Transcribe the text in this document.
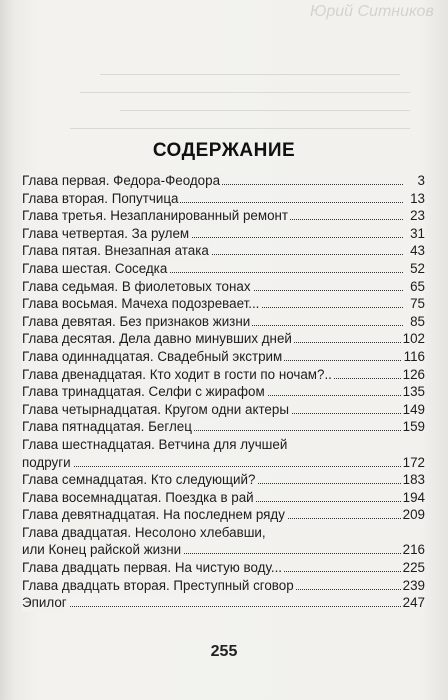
Юрий Ситников
СОДЕРЖАНИЕ
Глава первая. Федора-Феодора	3
Глава вторая. Попутчица	13
Глава третья. Незапланированный ремонт	23
Глава четвертая. За рулем	31
Глава пятая. Внезапная атака	43
Глава шестая. Соседка	52
Глава седьмая. В фиолетовых тонах	65
Глава восьмая. Мачеха подозревает...	75
Глава девятая. Без признаков жизни	85
Глава десятая. Дела давно минувших дней	102
Глава одиннадцатая. Свадебный экстрим	116
Глава двенадцатая. Кто ходит в гости по ночам?..	126
Глава тринадцатая. Селфи с жирафом	135
Глава четырнадцатая. Кругом одни актеры	149
Глава пятнадцатая. Беглец	159
Глава шестнадцатая. Ветчина для лучшей
подруги	172
Глава семнадцатая. Кто следующий?	183
Глава восемнадцатая. Поездка в рай	194
Глава девятнадцатая. На последнем ряду	209
Глава двадцатая. Несолоно хлебавши,
или Конец райской жизни	216
Глава двадцать первая. На чистую воду...	225
Глава двадцать вторая. Преступный сговор	239
Эпилог	247
255
